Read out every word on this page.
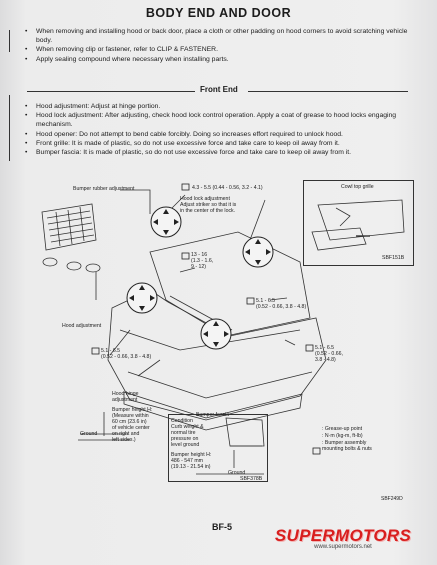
BODY END AND DOOR
• When removing and installing hood or back door, place a cloth or other padding on hood corners to avoid scratching vehicle body.
• When removing clip or fastener, refer to CLIP & FASTENER.
• Apply sealing compound where necessary when installing parts.
Front End
• Hood adjustment: Adjust at hinge portion.
• Hood lock adjustment: After adjusting, check hood lock control operation. Apply a coat of grease to hood locks engaging mechanism.
• Hood opener: Do not attempt to bend cable forcibly. Doing so increases effort required to unlock hood.
• Front grille: It is made of plastic, so do not use excessive force and take care to keep oil away from it.
• Bumper fascia: It is made of plastic, so do not use excessive force and take care to keep oil away from it.
Bumper rubber adjustment	4.3 - 5.5 (0.44 - 0.56, 3.2 - 4.1)
Hood lock adjustment
Adjust striker so that it is
in the center of the lock.
Cowl top grille
SBF151B
13 - 16
(1.3 - 1.6,
9 - 12)
5.1 - 6.5
(0.52 - 0.66, 3.8 - 4.8)
Hood adjustment
5.1 - 6.5
(0.52 - 0.66, 3.8 - 4.8)
5.1 - 6.5
(0.52 - 0.66,
3.8 - 4.8)
Hood hinge
adjustment
Bumper height H:
(Measure within
60 cm (23.6 in)
of vehicle center
on right and
left sides.)
Ground
Bumper fascia
Condition
Curb weight &
normal tire
pressure on
level ground
Bumper height H:
486 - 547 mm
(19.13 - 21.54 in)
Ground
SBF378B
: Grease-up point
: N·m (kg-m, ft-lb)
: Bumper assembly
mounting bolts & nuts
SBF249D
BF-5	SUPERMOTORS
www.supermotors.net
